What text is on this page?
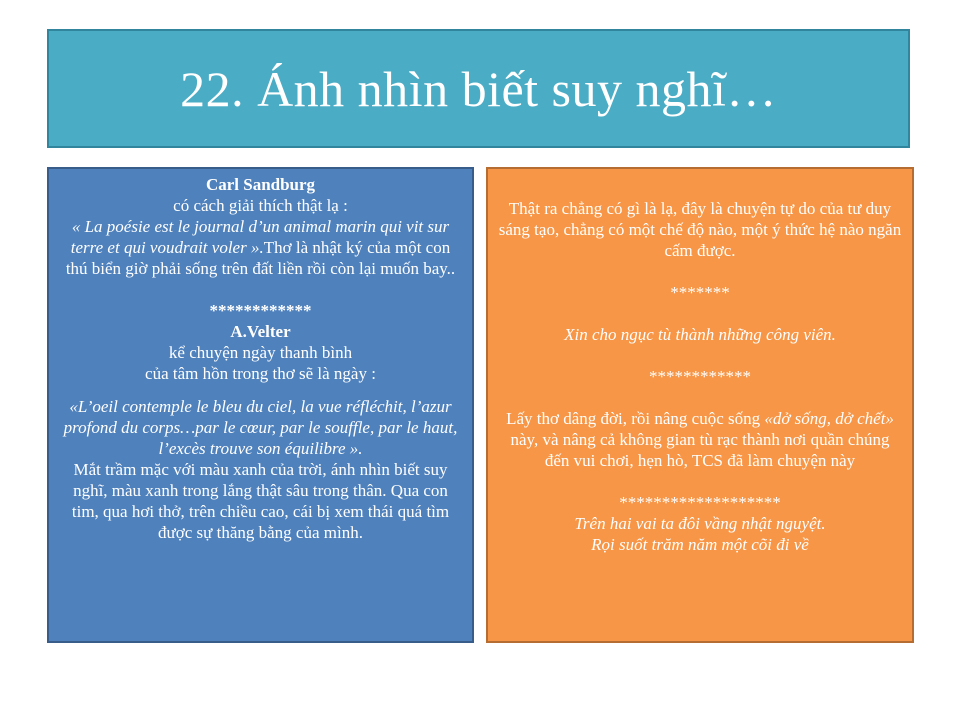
22. Ánh nhìn biết suy nghĩ…

Carl Sandburg

có cách giải thích thật lạ :

« La poésie est le journal d’un animal marin qui vit sur terre et qui voudrait voler ».Thơ là nhật ký của một con thú biển giờ phải sống trên đất liền rồi còn lại muốn bay..

************

A.Velter

kể chuyện ngày thanh bình

của tâm hồn trong thơ sẽ là ngày :

«L’oeil contemple le bleu du ciel, la vue réfléchit, l’azur profond du corps…par le cœur, par le souffle, par le haut, l’excès trouve son équilibre ».

Mắt trầm mặc với màu xanh của trời, ánh nhìn biết suy nghĩ, màu xanh trong lắng thật sâu trong thân. Qua con tim, qua hơi thở, trên chiều cao, cái bị xem thái quá tìm được sự thăng bằng của mình.

Thật ra chẳng có gì là lạ, đây là chuyện tự do của tư duy sáng tạo, chẳng có một chế độ nào, một ý thức hệ nào ngăn cấm được.

*******

Xin cho ngục tù thành những công viên.

************

Lấy thơ dâng đời, rồi nâng cuộc sống «dở sống, dở chết» này, và nâng cả không gian tù rạc thành nơi quần chúng đến vui chơi, hẹn hò, TCS đã làm chuyện này

*******************

Trên hai vai ta đôi vầng nhật nguyệt.

Rọi suốt trăm năm một cõi đi về
